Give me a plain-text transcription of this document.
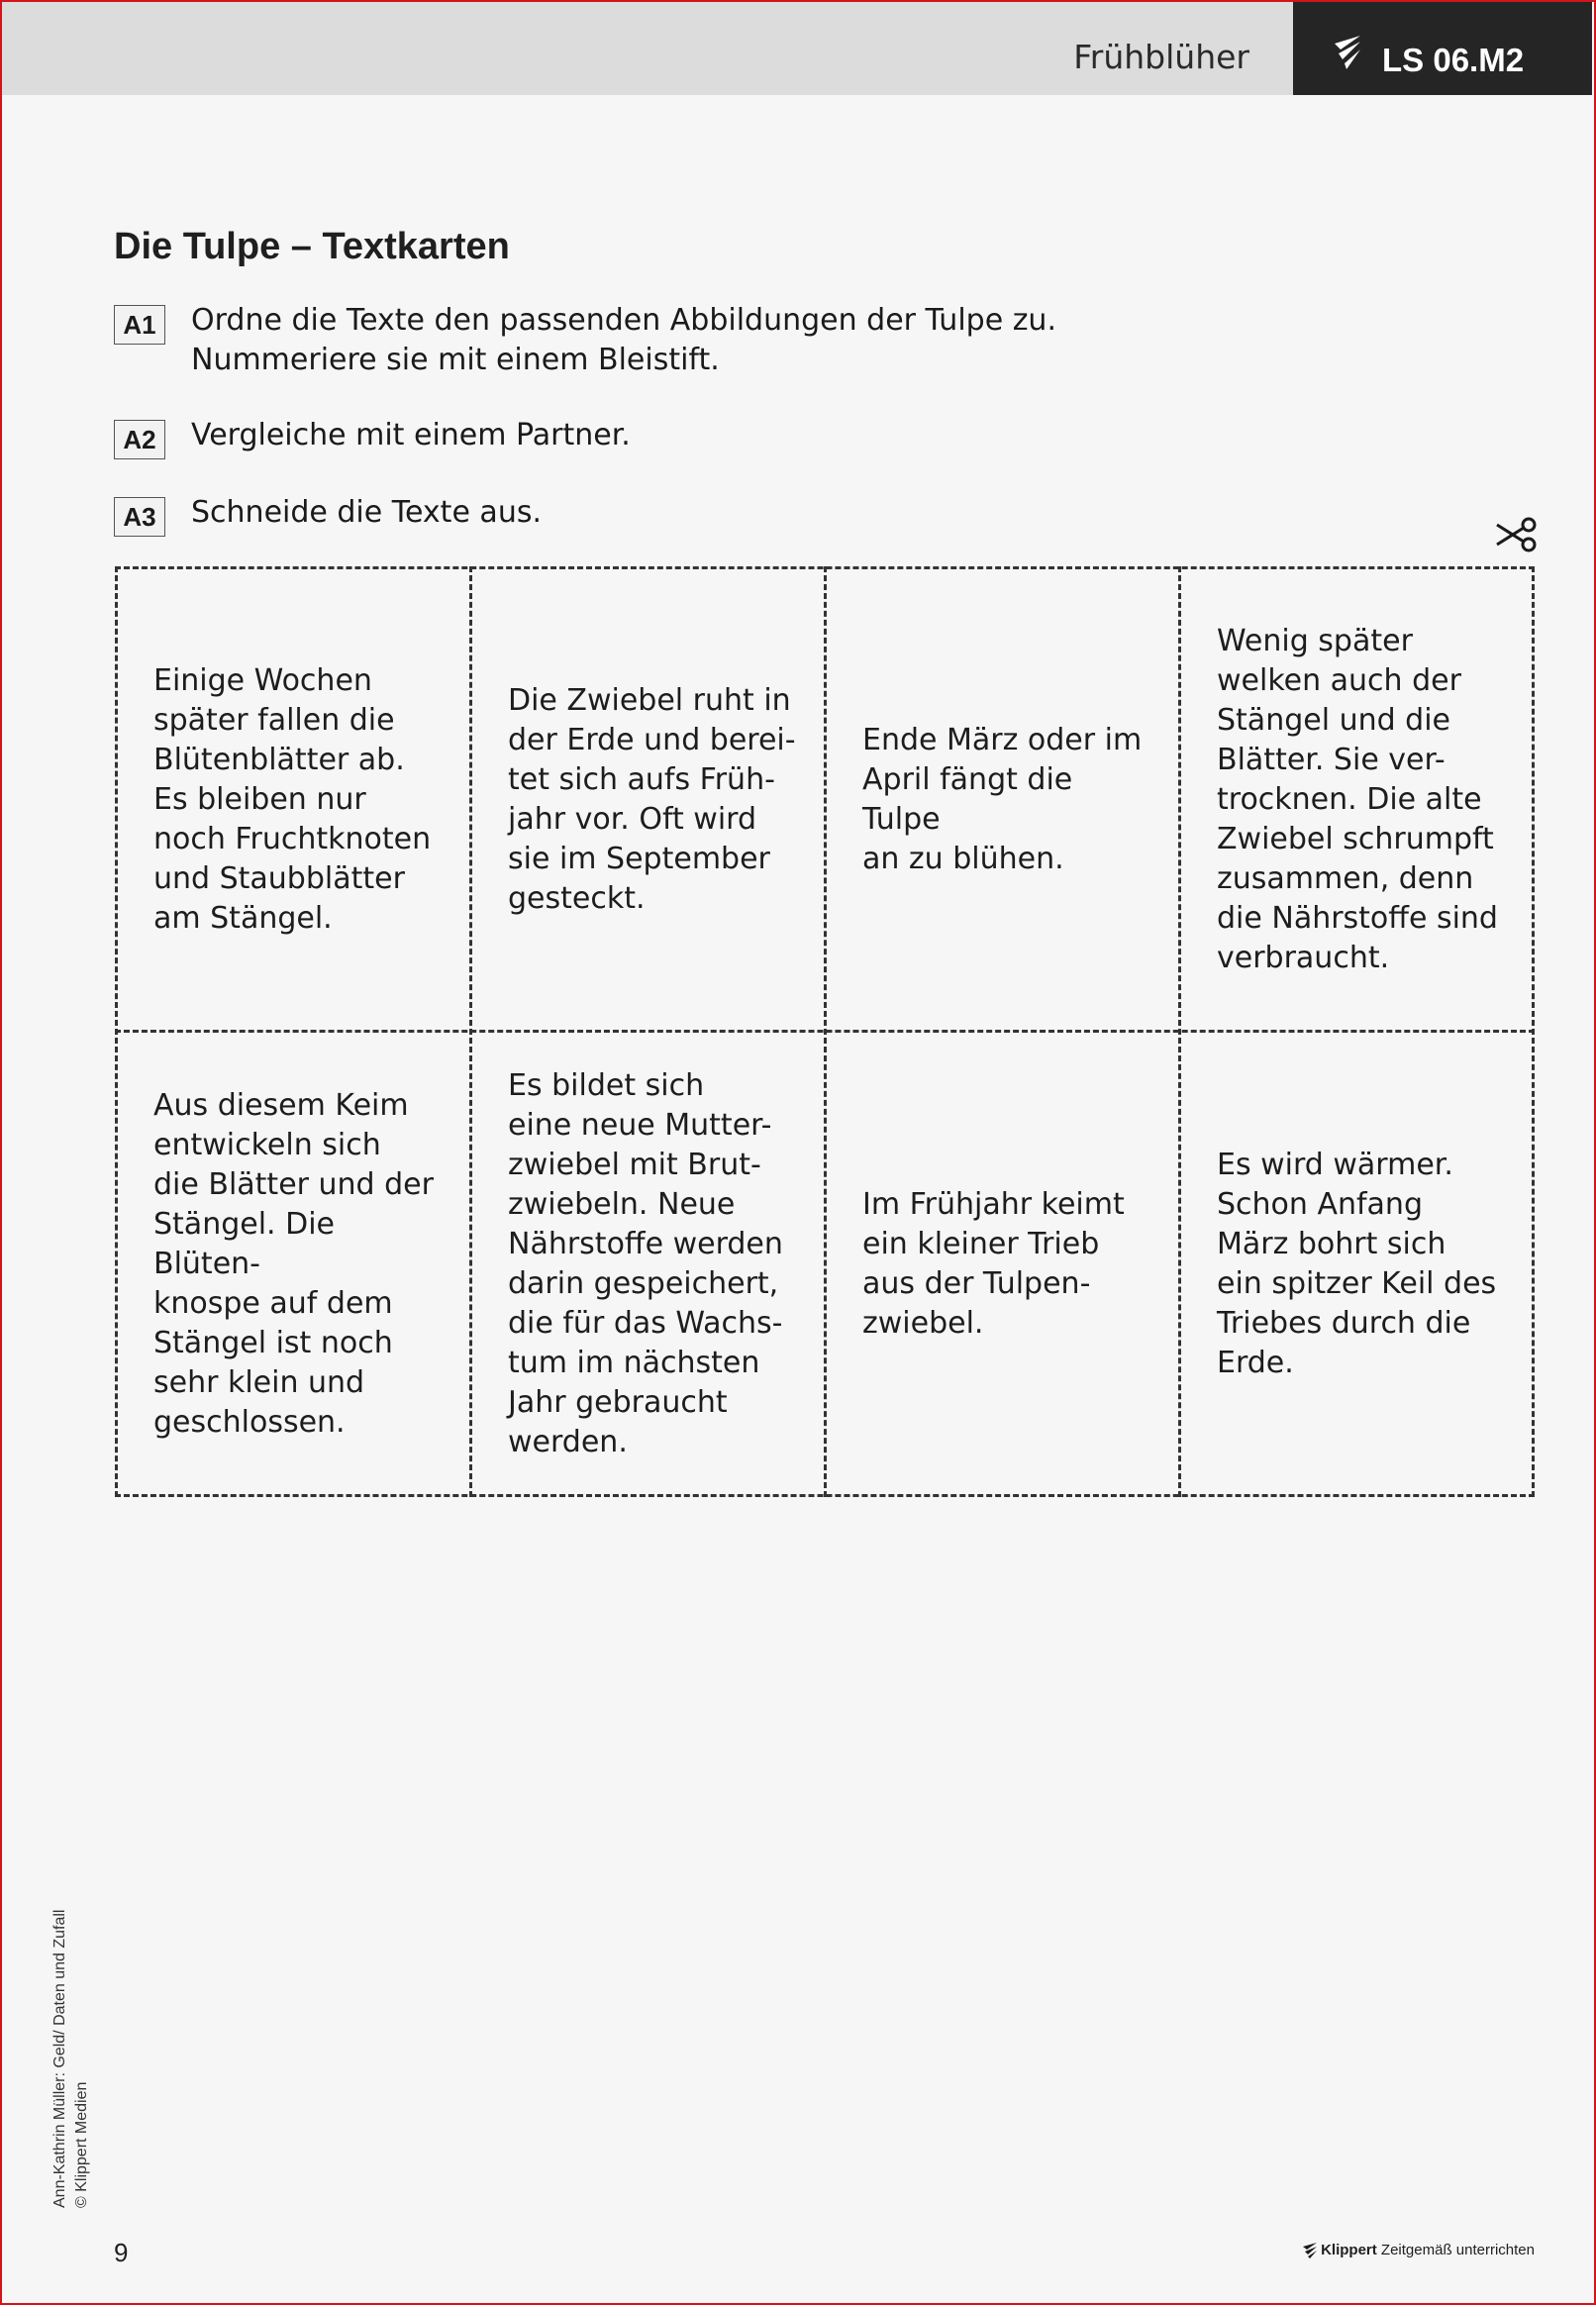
Frühblüher	LS 06.M2
Die Tulpe – Textkarten
A1	Ordne die Texte den passenden Abbildungen der Tulpe zu.
Nummeriere sie mit einem Bleistift.
A2	Vergleiche mit einem Partner.
A3	Schneide die Texte aus.
Einige Wochen
später fallen die
Blütenblätter ab.
Es bleiben nur
noch Fruchtknoten
und Staubblätter
am Stängel.
Die Zwiebel ruht in
der Erde und berei-
tet sich aufs Früh-
jahr vor. Oft wird
sie im September
gesteckt.
Ende März oder im
April fängt die Tulpe
an zu blühen.
Wenig später
welken auch der
Stängel und die
Blätter. Sie ver-
trocknen. Die alte
Zwiebel schrumpft
zusammen, denn
die Nährstoffe sind
verbraucht.
Aus diesem Keim
entwickeln sich
die Blätter und der
Stängel. Die Blüten-
knospe auf dem
Stängel ist noch
sehr klein und
geschlossen.
Es bildet sich
eine neue Mutter-
zwiebel mit Brut-
zwiebeln. Neue
Nährstoffe werden
darin gespeichert,
die für das Wachs-
tum im nächsten
Jahr gebraucht
werden.
Im Frühjahr keimt
ein kleiner Trieb
aus der Tulpen-
zwiebel.
Es wird wärmer.
Schon Anfang
März bohrt sich
ein spitzer Keil des
Triebes durch die
Erde.
Ann-Kathrin Müller: Geld/ Daten und Zufall © Klippert Medien
9	Klippert Zeitgemäß unterrichten
